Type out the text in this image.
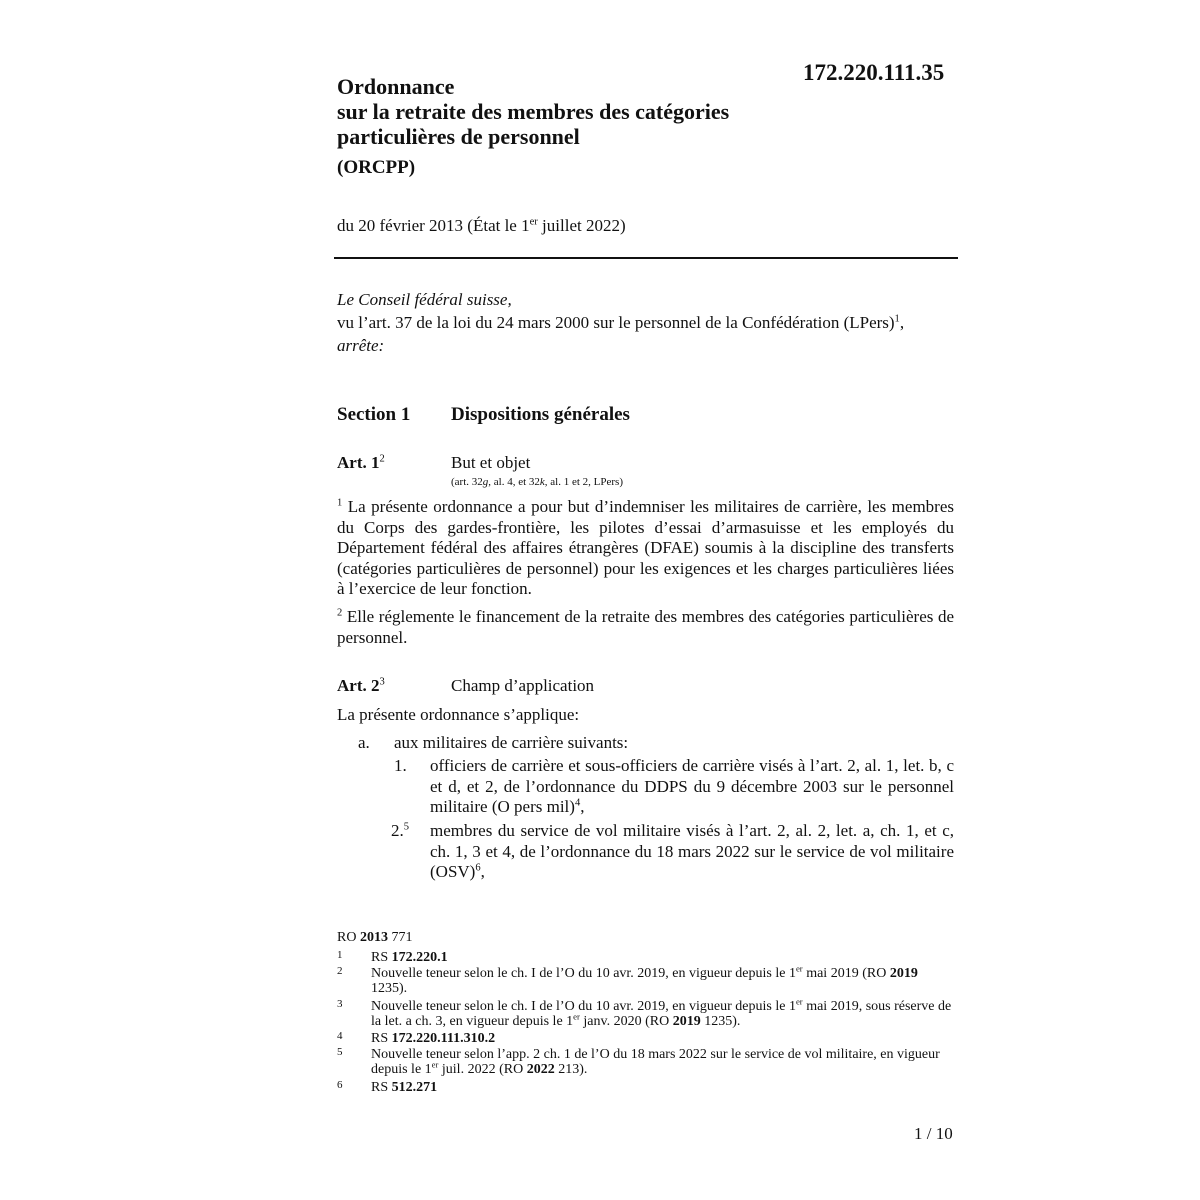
172.220.111.35
Ordonnance
sur la retraite des membres des catégories
particulières de personnel
(ORCPP)
du 20 février 2013 (État le 1er juillet 2022)
Le Conseil fédéral suisse,
vu l’art. 37 de la loi du 24 mars 2000 sur le personnel de la Confédération (LPers)$^1$,
arrête:
Section 1 Dispositions générales
Art. $1^2$	But et objet
(art. 32g, al. 4, et 32k, al. 1 et 2, LPers)
$^1$ La présente ordonnance a pour but d’indemniser les militaires de carrière, les membres du Corps des gardes-frontière, les pilotes d’essai d’armasuisse et les employés du Département fédéral des affaires étrangères (DFAE) soumis à la discipline des transferts (catégories particulières de personnel) pour les exigences et les charges particulières liées à l’exercice de leur fonction.
$^2$ Elle réglemente le financement de la retraite des membres des catégories particulières de personnel.
Art. $2^3$	Champ d’application
La présente ordonnance s’applique:
a. aux militaires de carrière suivants:
1. officiers de carrière et sous-officiers de carrière visés à l’art. 2, al. 1, let. b, c et d, et 2, de l’ordonnance du DDPS du 9 décembre 2003 sur le personnel militaire (O pers mil)$^4$,
2.$^5$ membres du service de vol militaire visés à l’art. 2, al. 2, let. a, ch. 1, et c, ch. 1, 3 et 4, de l’ordonnance du 18 mars 2022 sur le service de vol militaire (OSV)$^6$,
RO 2013 771
1 RS 172.220.1
2 Nouvelle teneur selon le ch. I de l’O du 10 avr. 2019, en vigueur depuis le 1er mai 2019 (RO 2019 1235).
3 Nouvelle teneur selon le ch. I de l’O du 10 avr. 2019, en vigueur depuis le 1er mai 2019, sous réserve de la let. a ch. 3, en vigueur depuis le 1er janv. 2020 (RO 2019 1235).
4 RS 172.220.111.310.2
5 Nouvelle teneur selon l’app. 2 ch. 1 de l’O du 18 mars 2022 sur le service de vol militaire, en vigueur depuis le 1er juil. 2022 (RO 2022 213).
6 RS 512.271
1 / 10
